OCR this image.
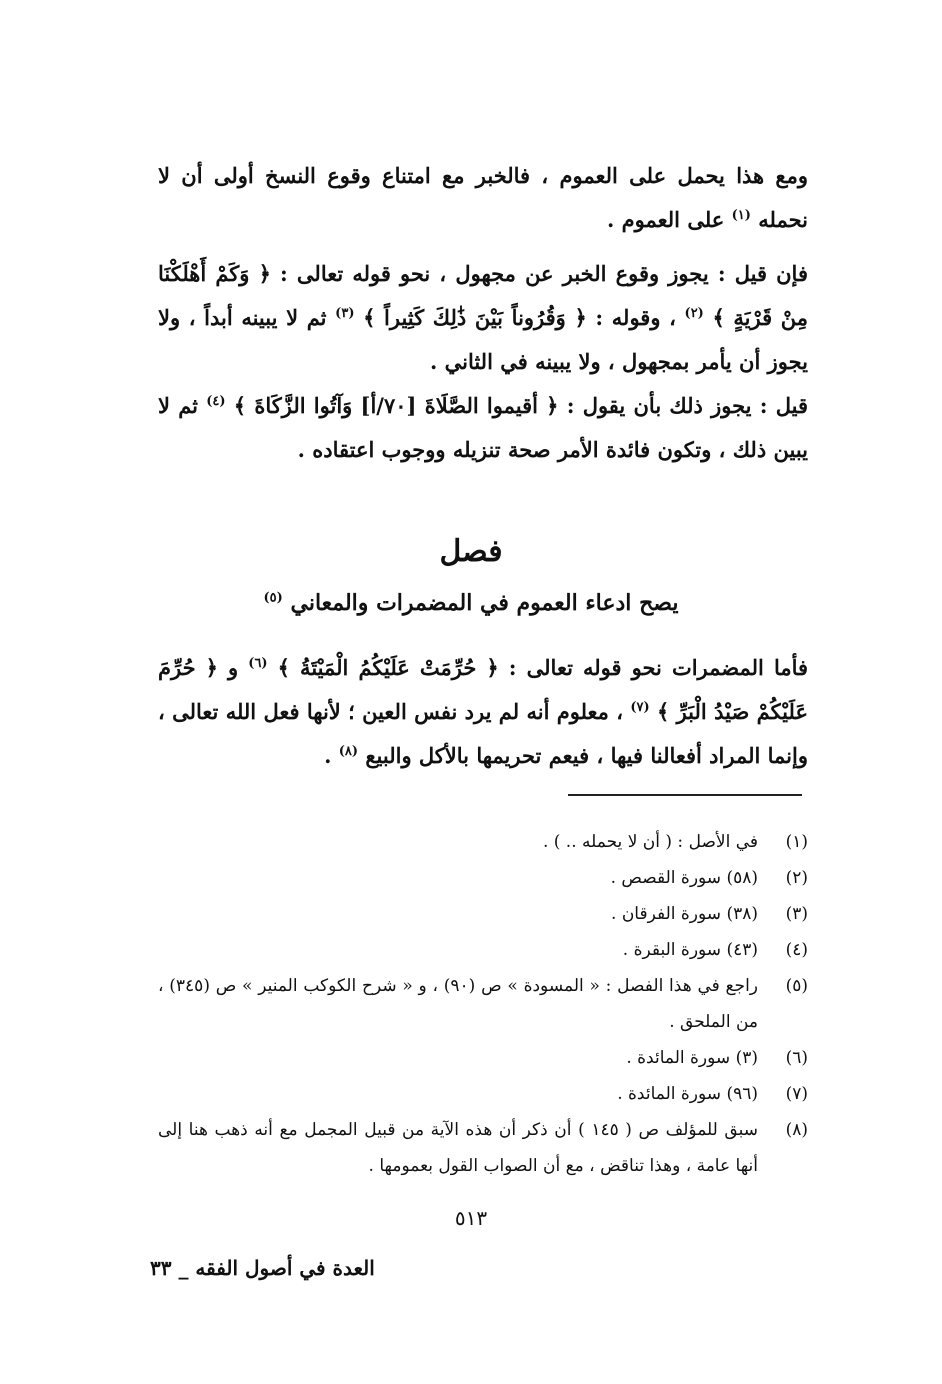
ومع هذا يحمل على العموم ، فالخبر مع امتناع وقوع النسخ أولى أن لا نحمله $^{(١)}$ على العموم .
فإن قيل : يجوز وقوع الخبر عن مجهول ، نحو قوله تعالى : ﴿ وَكَمْ أَهْلَكْنَا مِنْ قَرْيَةٍ ﴾ $^{(٢)}$ ، وقوله : ﴿ وَقُرُوناً بَيْنَ ذَٰلِكَ كَثِيراً ﴾ $^{(٣)}$ ثم لا يبينه أبداً ، ولا يجوز أن يأمر بمجهول ، ولا يبينه في الثاني .
قيل : يجوز ذلك بأن يقول : ﴿ أقيموا الصَّلَاةَ [٧٠/أ] وَآتُوا الزَّكَاةَ ﴾ $^{(٤)}$ ثم لا يبين ذلك ، وتكون فائدة الأمر صحة تنزيله ووجوب اعتقاده .
فصل
يصح ادعاء العموم في المضمرات والمعاني $^{(٥)}$
فأما المضمرات نحو قوله تعالى : ﴿ حُرِّمَتْ عَلَيْكُمُ الْمَيْتَةُ ﴾ $^{(٦)}$ و ﴿ حُرِّمَ عَلَيْكُمْ صَيْدُ الْبَرِّ ﴾ $^{(٧)}$ ، معلوم أنه لم يرد نفس العين ؛ لأنها فعل الله تعالى ، وإنما المراد أفعالنا فيها ، فيعم تحريمها بالأكل والبيع $^{(٨)}$ .
(١)
في الأصل : ( أن لا يحمله .. ) .
(٢)
(٥٨) سورة القصص .
(٣)
(٣٨) سورة الفرقان .
(٤)
(٤٣) سورة البقرة .
(٥)
راجع في هذا الفصل : « المسودة » ص (٩٠) ، و « شرح الكوكب المنير » ص (٣٤٥) ، من الملحق .
(٦)
(٣) سورة المائدة .
(٧)
(٩٦) سورة المائدة .
(٨)
سبق للمؤلف ص ( ١٤٥ ) أن ذكر أن هذه الآية من قبيل المجمل مع أنه ذهب هنا إلى أنها عامة ، وهذا تناقض ، مع أن الصواب القول بعمومها .
٥١٣
العدة في أصول الفقه _ ٣٣
